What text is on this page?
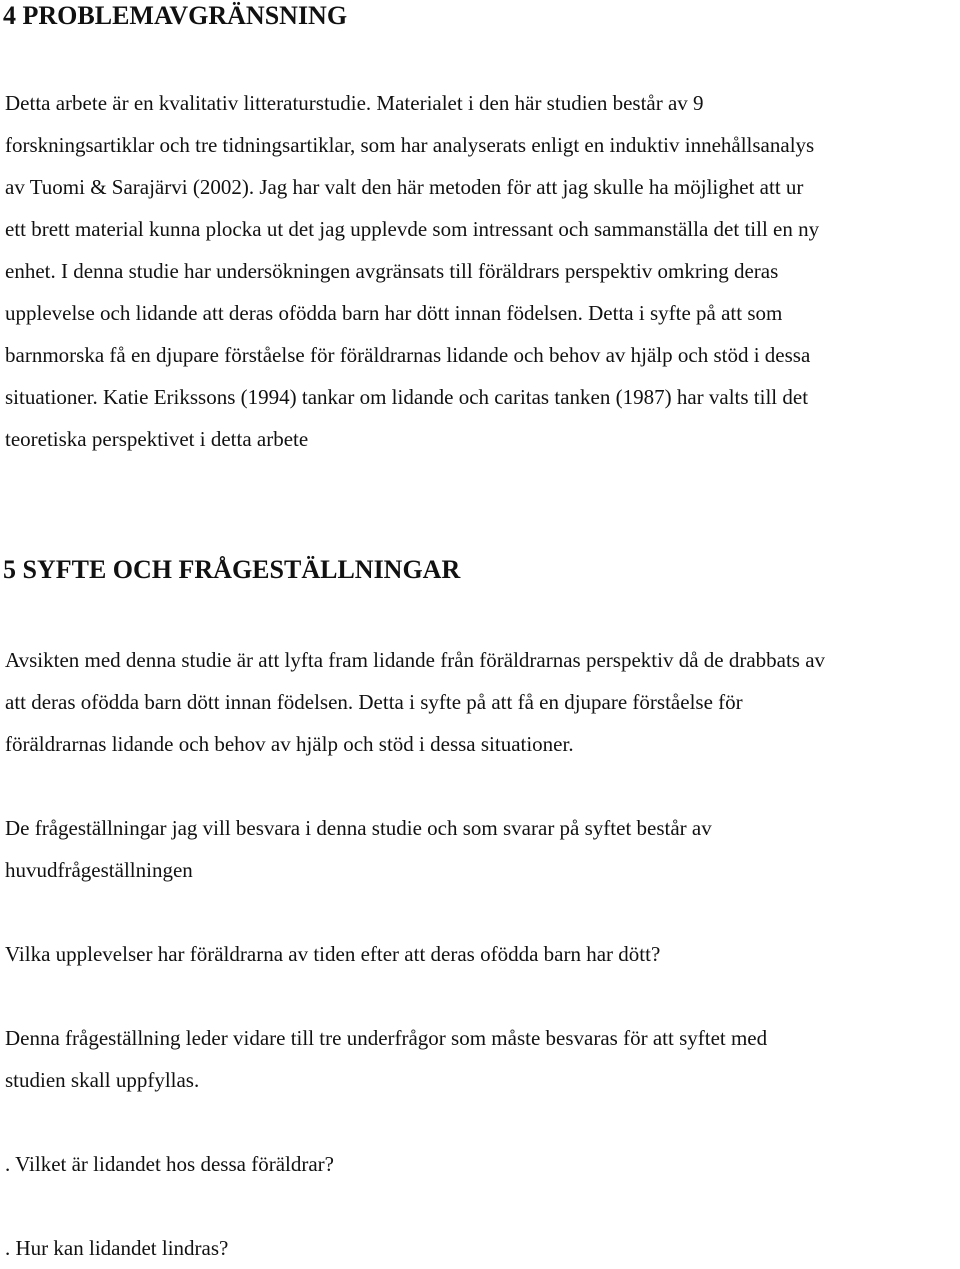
4 PROBLEMAVGRÄNSNING

Detta arbete är en kvalitativ litteraturstudie. Materialet i den här studien består av 9
forskningsartiklar och tre tidningsartiklar, som har analyserats enligt en induktiv innehållsanalys
av Tuomi & Sarajärvi (2002). Jag har valt den här metoden för att jag skulle ha möjlighet att ur
ett brett material kunna plocka ut det jag upplevde som intressant och sammanställa det till en ny
enhet. I denna studie har undersökningen avgränsats till föräldrars perspektiv omkring deras
upplevelse och lidande att deras ofödda barn har dött innan födelsen. Detta i syfte på att som
barnmorska få en djupare förståelse för föräldrarnas lidande och behov av hjälp och stöd i dessa
situationer. Katie Erikssons (1994) tankar om lidande och caritas tanken (1987) har valts till det
teoretiska perspektivet i detta arbete

5 SYFTE OCH FRÅGESTÄLLNINGAR

Avsikten med denna studie är att lyfta fram lidande från föräldrarnas perspektiv då de drabbats av
att deras ofödda barn dött innan födelsen. Detta i syfte på att få en djupare förståelse för
föräldrarnas lidande och behov av hjälp och stöd i dessa situationer.

De frågeställningar jag vill besvara i denna studie och som svarar på syftet består av
huvudfrågeställningen

Vilka upplevelser har föräldrarna av tiden efter att deras ofödda barn har dött?

Denna frågeställning leder vidare till tre underfrågor som måste besvaras för att syftet med
studien skall uppfyllas.

. Vilket är lidandet hos dessa föräldrar?

. Hur kan lidandet lindras?
